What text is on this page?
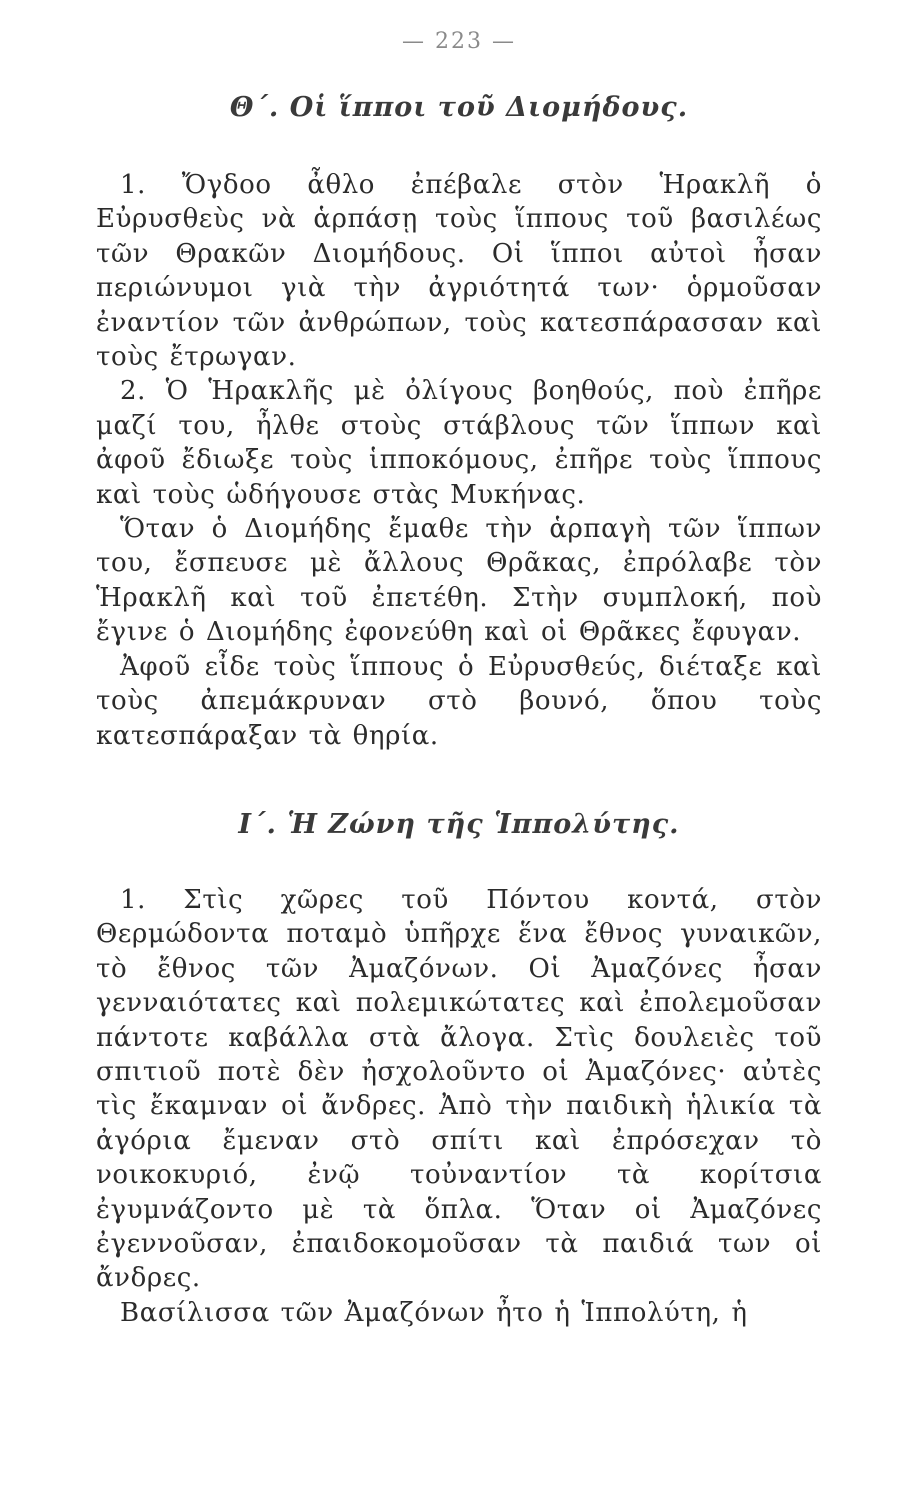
— 223 —
Θ΄. Οἱ ἵπποι τοῦ Διομήδους.

1. Ὄγδοο ἆθλο ἐπέβαλε στὸν Ἡρακλῆ ὁ Εὐρυσθεὺς νὰ ἁρπάσῃ τοὺς ἵππους τοῦ βασιλέως τῶν Θρακῶν Διομήδους. Οἱ ἵπποι αὐτοὶ ἦσαν περιώνυμοι γιὰ τὴν ἀγριότητά των· ὁρμοῦσαν ἐναντίον τῶν ἀνθρώπων, τοὺς κατεσπάρασσαν καὶ τοὺς ἔτρωγαν.

2. Ὁ Ἡρακλῆς μὲ ὀλίγους βοηθούς, ποὺ ἐπῆρε μαζί του, ἦλθε στοὺς στάβλους τῶν ἵππων καὶ ἀφοῦ ἔδιωξε τοὺς ἱπποκόμους, ἐπῆρε τοὺς ἵππους καὶ τοὺς ὡδήγουσε στὰς Μυκήνας.

Ὅταν ὁ Διομήδης ἔμαθε τὴν ἁρπαγὴ τῶν ἵππων του, ἔσπευσε μὲ ἄλλους Θρᾶκας, ἐπρόλαβε τὸν Ἡρακλῆ καὶ τοῦ ἐπετέθη. Στὴν συμπλοκή, ποὺ ἔγινε ὁ Διομήδης ἐφονεύθη καὶ οἱ Θρᾶκες ἔφυγαν.

Ἀφοῦ εἶδε τοὺς ἵππους ὁ Εὐρυσθεύς, διέταξε καὶ τοὺς ἀπεμάκρυναν στὸ βουνό, ὅπου τοὺς κατεσπάραξαν τὰ θηρία.

Ι΄. Ἡ Ζώνη τῆς Ἱππολύτης.

1. Στὶς χῶρες τοῦ Πόντου κοντά, στὸν Θερμώδοντα ποταμὸ ὑπῆρχε ἕνα ἔθνος γυναικῶν, τὸ ἔθνος τῶν Ἀμαζόνων. Οἱ Ἀμαζόνες ἦσαν γενναιότατες καὶ πολεμικώτατες καὶ ἐπολεμοῦσαν πάντοτε καβάλλα στὰ ἄλογα. Στὶς δουλειὲς τοῦ σπιτιοῦ ποτὲ δὲν ἠσχολοῦντο οἱ Ἀμαζόνες· αὐτὲς τὶς ἔκαμναν οἱ ἄνδρες. Ἀπὸ τὴν παιδικὴ ἡλικία τὰ ἀγόρια ἔμεναν στὸ σπίτι καὶ ἐπρόσεχαν τὸ νοικοκυριό, ἐνῷ τοὐναντίον τὰ κορίτσια ἐγυμνάζοντο μὲ τὰ ὅπλα. Ὅταν οἱ Ἀμαζόνες ἐγεννοῦσαν, ἐπαιδοκομοῦσαν τὰ παιδιά των οἱ ἄνδρες.

Βασίλισσα τῶν Ἀμαζόνων ἦτο ἡ Ἱππολύτη, ἡ
